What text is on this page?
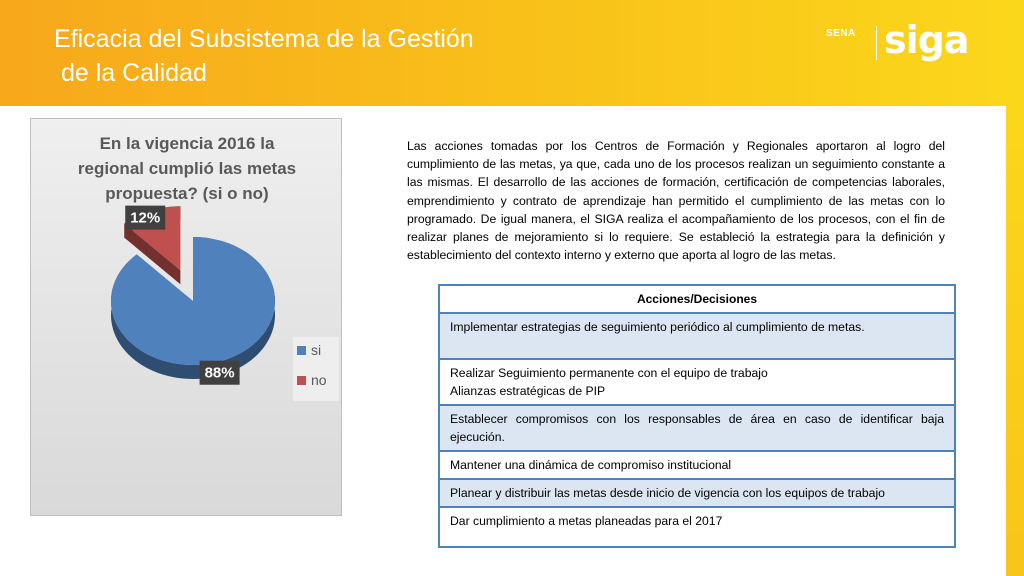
Eficacia del Subsistema de la Gestión
de la Calidad
SENA siga
En la vigencia 2016 la
regional cumplió las metas
propuesta? (si o no)
88%
12%
si
no
Las acciones tomadas por los Centros de Formación y Regionales aportaron al logro del cumplimiento de las metas, ya que, cada uno de los procesos realizan un seguimiento constante a las mismas. El desarrollo de las acciones de formación, certificación de competencias laborales, emprendimiento y contrato de aprendizaje han permitido el cumplimiento de las metas con lo programado. De igual manera, el SIGA realiza el acompañamiento de los procesos, con el fin de realizar planes de mejoramiento si lo requiere. Se estableció la estrategia para la definición y establecimiento del contexto interno y externo que aporta al logro de las metas.
Acciones/Decisiones

Implementar estrategias de seguimiento periódico al cumplimiento de metas.

Realizar Seguimiento permanente con el equipo de trabajo
Alianzas estratégicas de PIP

Establecer compromisos con los responsables de área en caso de identificar baja ejecución.

Mantener una dinámica de compromiso institucional

Planear y distribuir las metas desde inicio de vigencia con los equipos de trabajo

Dar cumplimiento a metas planeadas para el 2017
